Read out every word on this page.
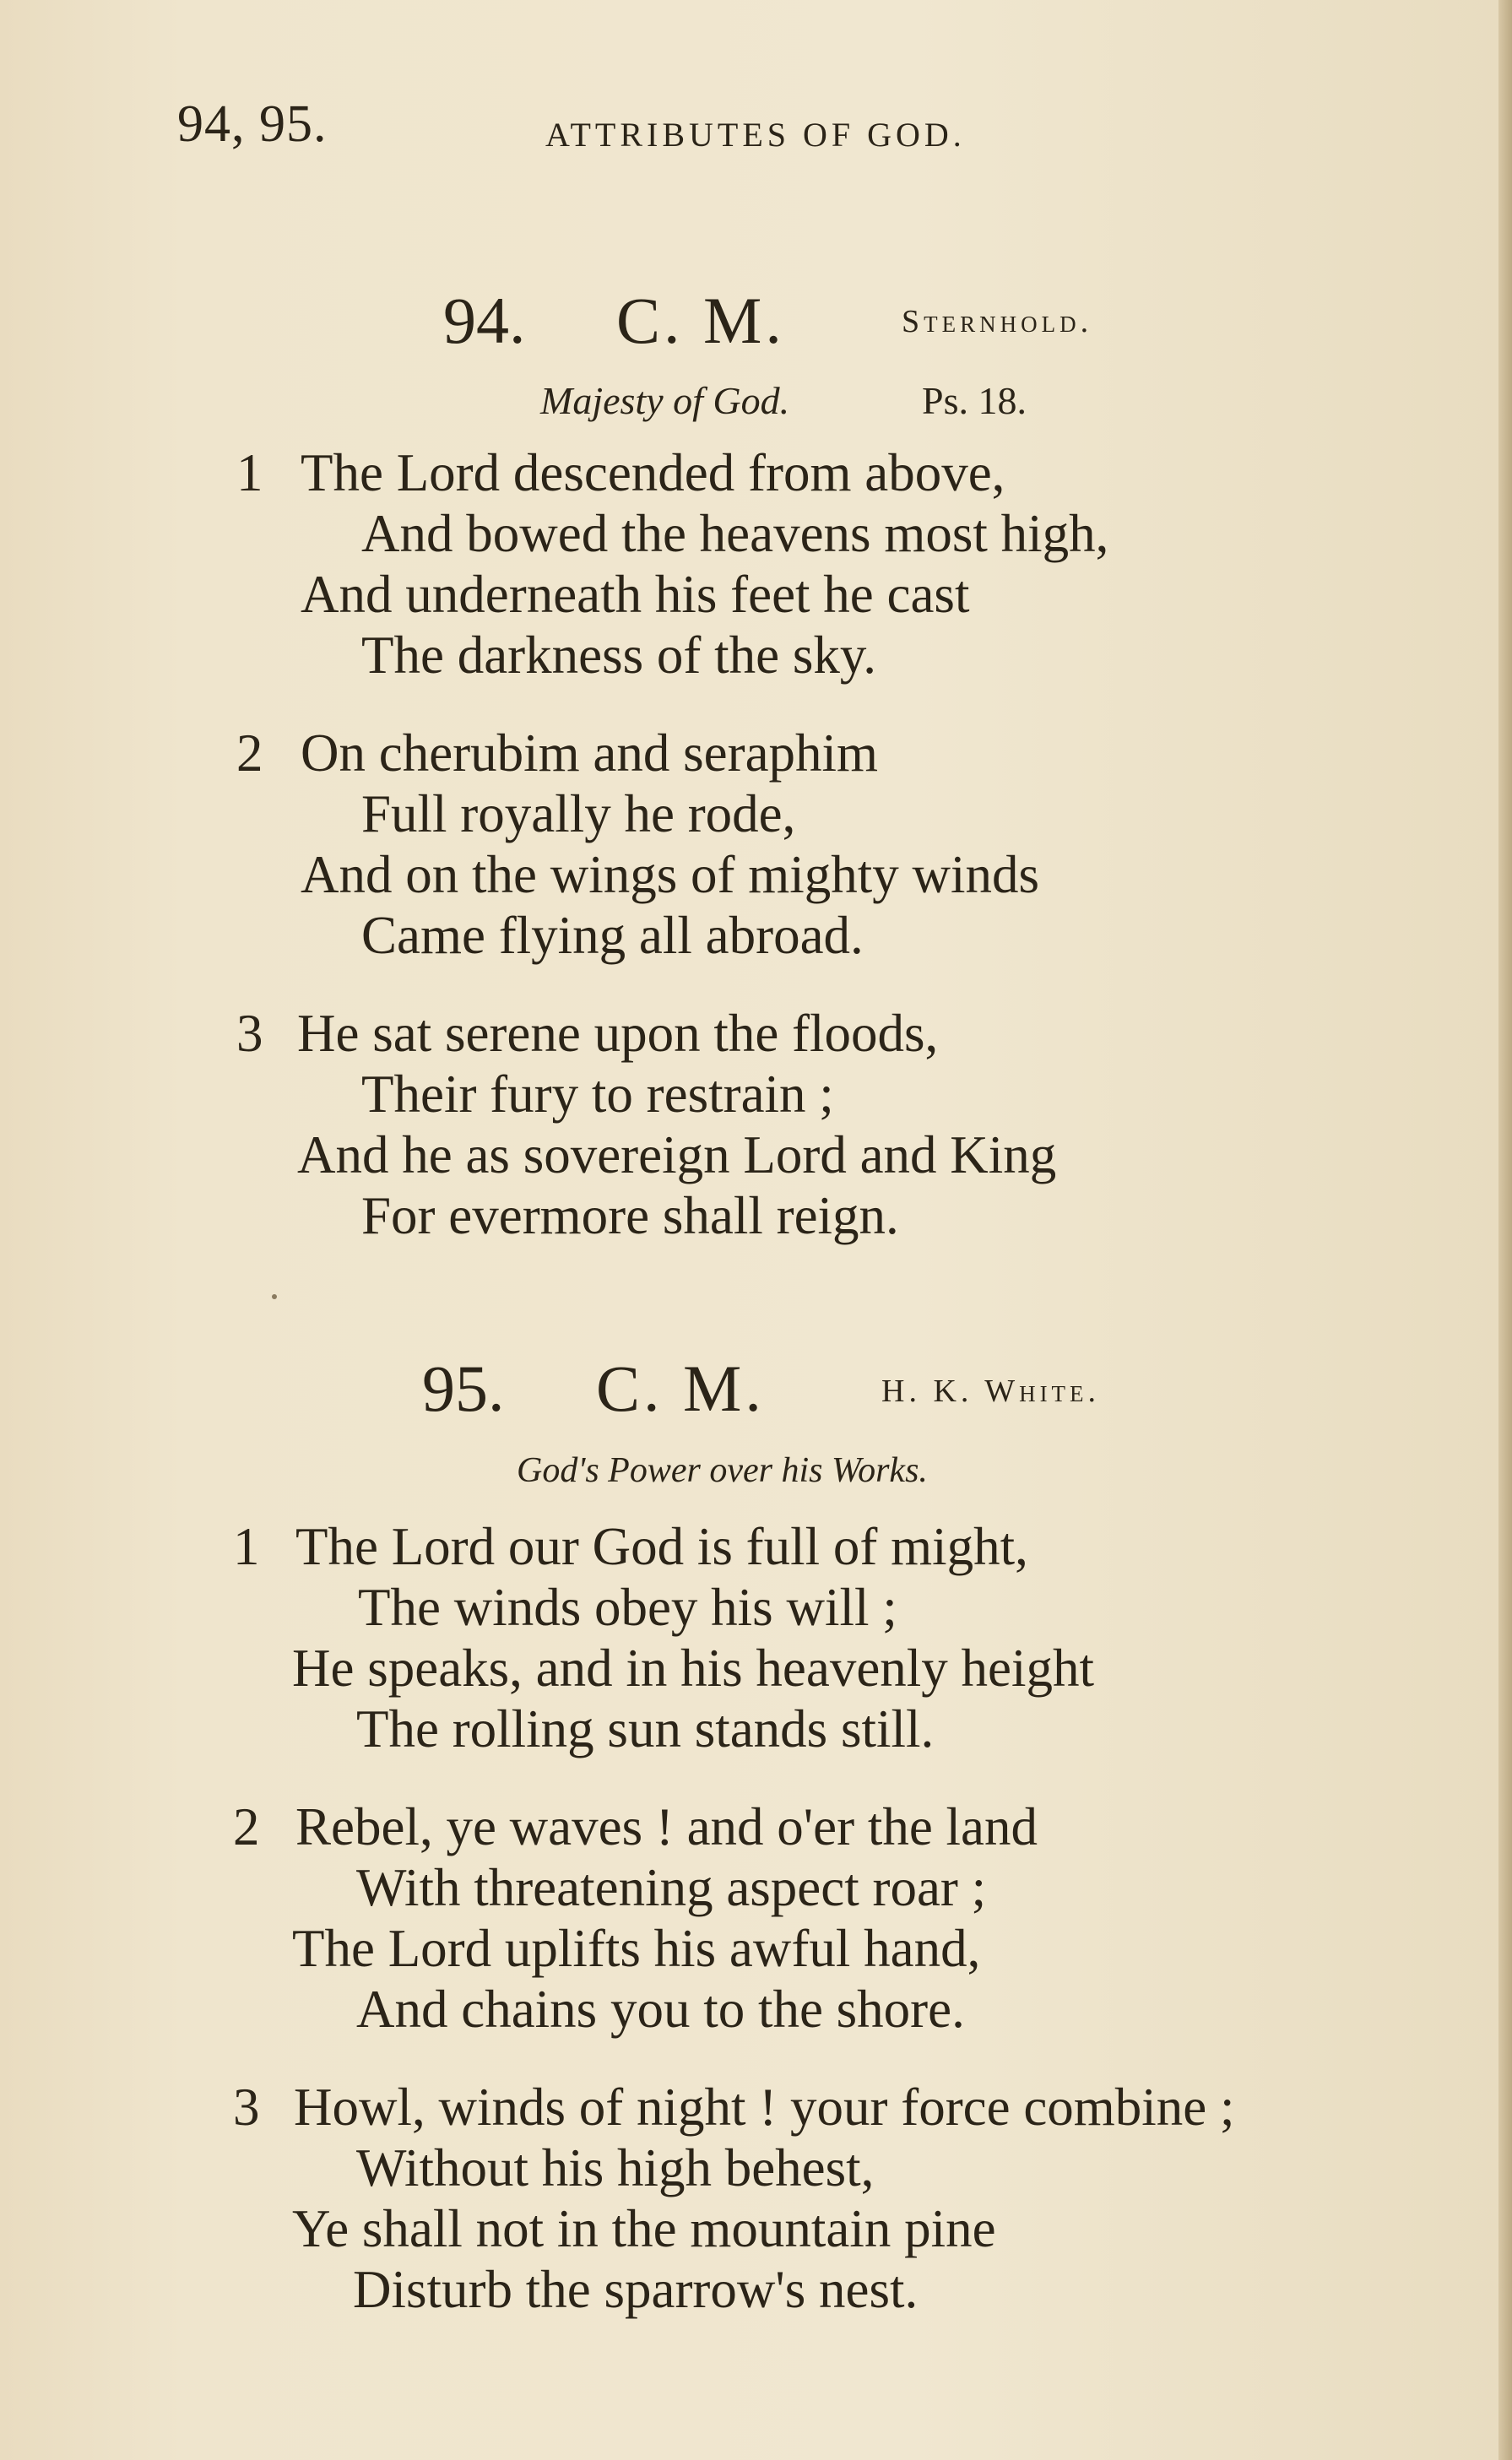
94, 95.	ATTRIBUTES OF GOD.
94. C. M.	Sternhold.
Majesty of God.	Ps. 18.
1 The Lord descended from above,
And bowed the heavens most high,
And underneath his feet he cast
The darkness of the sky.
2 On cherubim and seraphim
Full royally he rode,
And on the wings of mighty winds
Came flying all abroad.
3 He sat serene upon the floods,
Their fury to restrain ;
And he as sovereign Lord and King
For evermore shall reign.
95. C. M.	H. K. White.
God's Power over his Works.
1 The Lord our God is full of might,
The winds obey his will ;
He speaks, and in his heavenly height
The rolling sun stands still.
2 Rebel, ye waves ! and o'er the land
With threatening aspect roar ;
The Lord uplifts his awful hand,
And chains you to the shore.
3 Howl, winds of night ! your force combine ;
Without his high behest,
Ye shall not in the mountain pine
Disturb the sparrow's nest.
